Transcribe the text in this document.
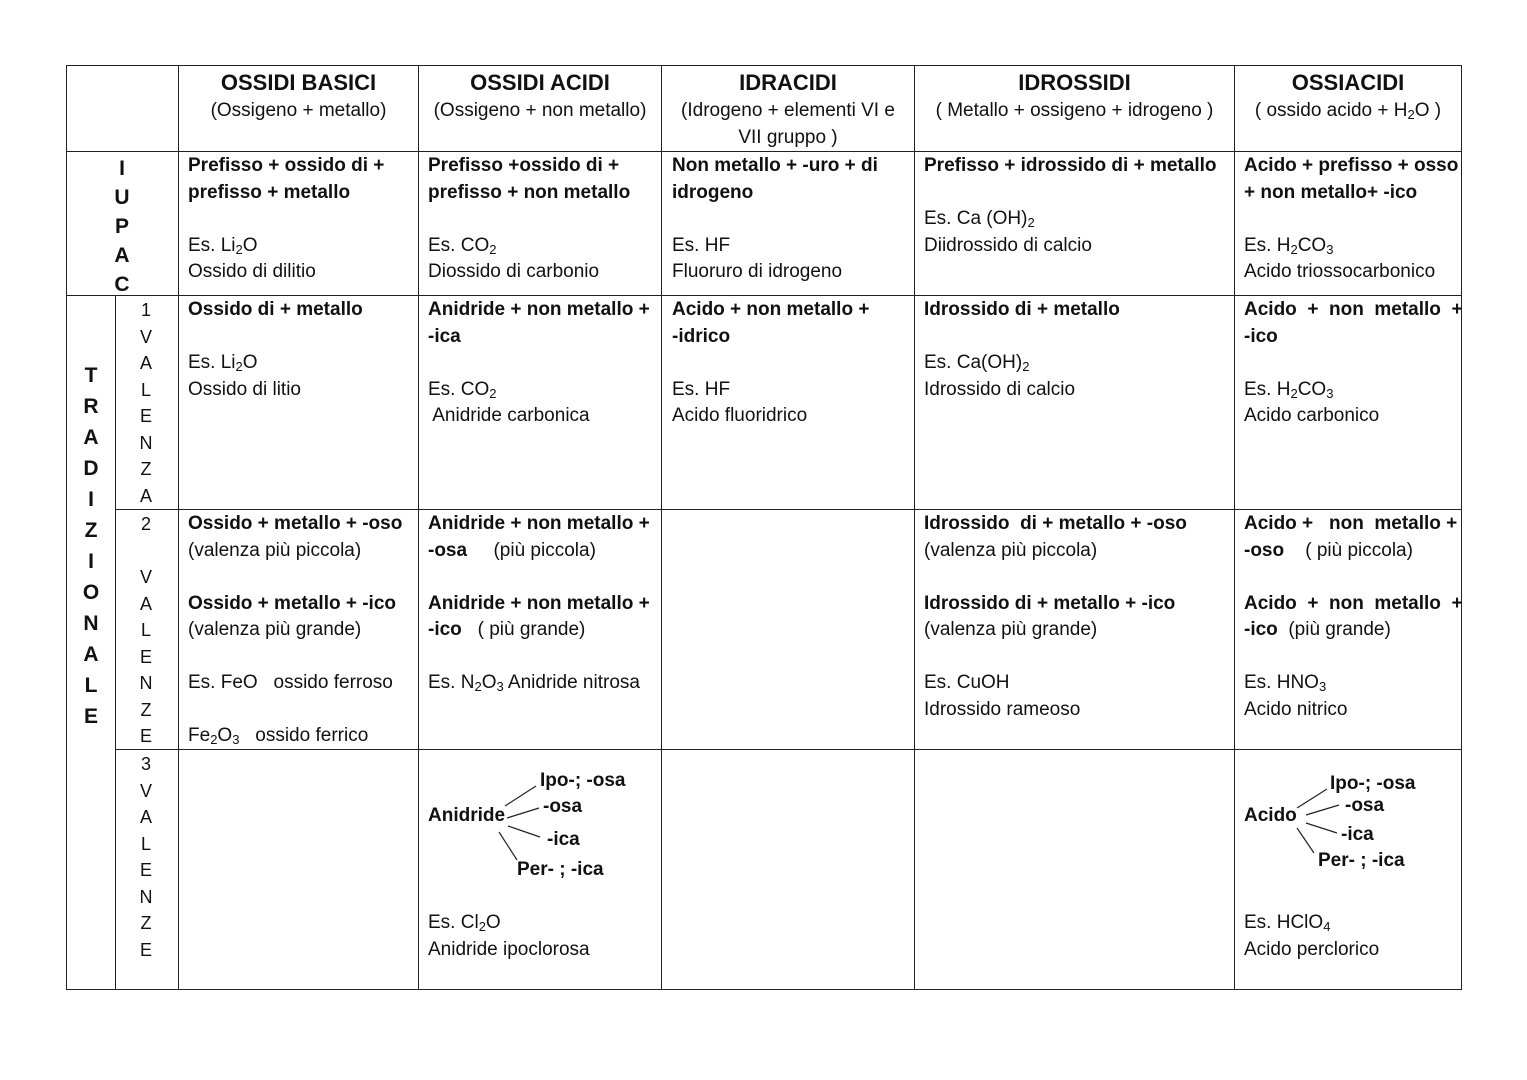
OSSIDI BASICI
(Ossigeno + metallo)
OSSIDI ACIDI
(Ossigeno + non metallo)
IDRACIDI
(Idrogeno + elementi VI e
VII gruppo )
IDROSSIDI
( Metallo + ossigeno + idrogeno )
OSSIACIDI
( ossido acido + $H_2O$ )
I
U
P
A
C
T
R
A
D
I
Z
I
O
N
A
L
E
1
V
A
L
E
N
Z
A
2

V
A
L
E
N
Z
E
3
V
A
L
E
N
Z
E
Prefisso + ossido di +
prefisso + metallo

Es. $Li_2O$
Ossido di dilitio
Prefisso +ossido di +
prefisso + non metallo

Es. $CO_2$
Diossido di carbonio
Non metallo + -uro + di
idrogeno

Es. HF
Fluoruro di idrogeno
Prefisso + idrossido di + metallo

Es. Ca $(OH)_2$
Diidrossido di calcio
Acido + prefisso + osso
+ non metallo+ -ico

Es. $H_2CO_3$
Acido triossocarbonico
Ossido di + metallo

Es. $Li_2O$
Ossido di litio
Anidride + non metallo +
-ica

Es. $CO_2$
Anidride carbonica
Acido + non metallo +
-idrico

Es. HF
Acido fluoridrico
Idrossido di + metallo

Es. $Ca(OH)_2$
Idrossido di calcio
Acido  +  non  metallo  +
-ico

Es. $H_2CO_3$
Acido carbonico
Ossido + metallo + -oso
(valenza più piccola)

Ossido + metallo + -ico
(valenza più grande)

Es. FeO   ossido ferroso

$Fe_2O_3$   ossido ferrico
Anidride + non metallo +
-osa     (più piccola)

Anidride + non metallo +
-ico   ( più grande)

Es. $N_2O_3$ Anidride nitrosa
Idrossido  di + metallo + -oso
(valenza più piccola)

Idrossido di + metallo + -ico
(valenza più grande)

Es. CuOH
Idrossido rameoso
Acido +   non  metallo +
-oso    ( più piccola)

Acido  +  non  metallo  +
-ico  (più grande)

Es. $HNO_3$
Acido nitrico
Anidride
Ipo-; -osa
-osa
-ica
Per- ; -ica
Es. $Cl_2O$
Anidride ipoclorosa
Acido
Ipo-; -osa
-osa
-ica
Per- ; -ica
Es. HClO$_4$
Acido perclorico
